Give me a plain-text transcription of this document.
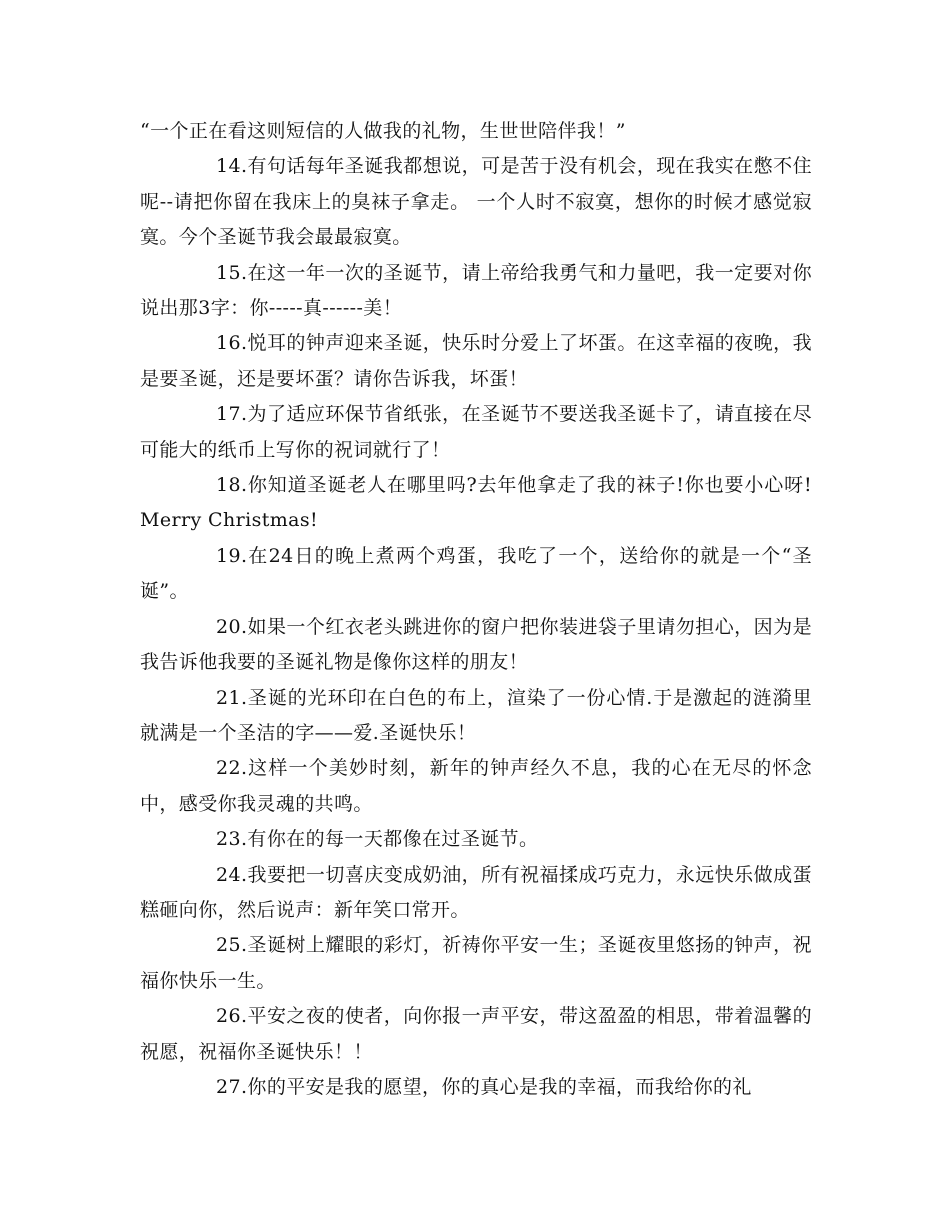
“一个正在看这则短信的人做我的礼物，生世世陪伴我！”

14.有句话每年圣诞我都想说，可是苦于没有机会，现在我实在憋不住呢--请把你留在我床上的臭袜子拿走。 一个人时不寂寞，想你的时候才感觉寂寞。今个圣诞节我会最最寂寞。

15.在这一年一次的圣诞节，请上帝给我勇气和力量吧，我一定要对你说出那3字：你-----真------美！

16.悦耳的钟声迎来圣诞，快乐时分爱上了坏蛋。在这幸福的夜晚，我是要圣诞，还是要坏蛋？请你告诉我，坏蛋！

17.为了适应环保节省纸张，在圣诞节不要送我圣诞卡了，请直接在尽可能大的纸币上写你的祝词就行了！

18.你知道圣诞老人在哪里吗?去年他拿走了我的袜子!你也要小心呀!Merry Christmas!

19.在24日的晚上煮两个鸡蛋，我吃了一个，送给你的就是一个“圣诞”。

20.如果一个红衣老头跳进你的窗户把你装进袋子里请勿担心，因为是我告诉他我要的圣诞礼物是像你这样的朋友！

21.圣诞的光环印在白色的布上，渲染了一份心情.于是激起的涟漪里就满是一个圣洁的字——爱.圣诞快乐！

22.这样一个美妙时刻，新年的钟声经久不息，我的心在无尽的怀念中，感受你我灵魂的共鸣。

23.有你在的每一天都像在过圣诞节。

24.我要把一切喜庆变成奶油，所有祝福揉成巧克力，永远快乐做成蛋糕砸向你，然后说声：新年笑口常开。

25.圣诞树上耀眼的彩灯，祈祷你平安一生；圣诞夜里悠扬的钟声，祝福你快乐一生。

26.平安之夜的使者，向你报一声平安，带这盈盈的相思，带着温馨的祝愿，祝福你圣诞快乐！！

27.你的平安是我的愿望，你的真心是我的幸福，而我给你的礼
